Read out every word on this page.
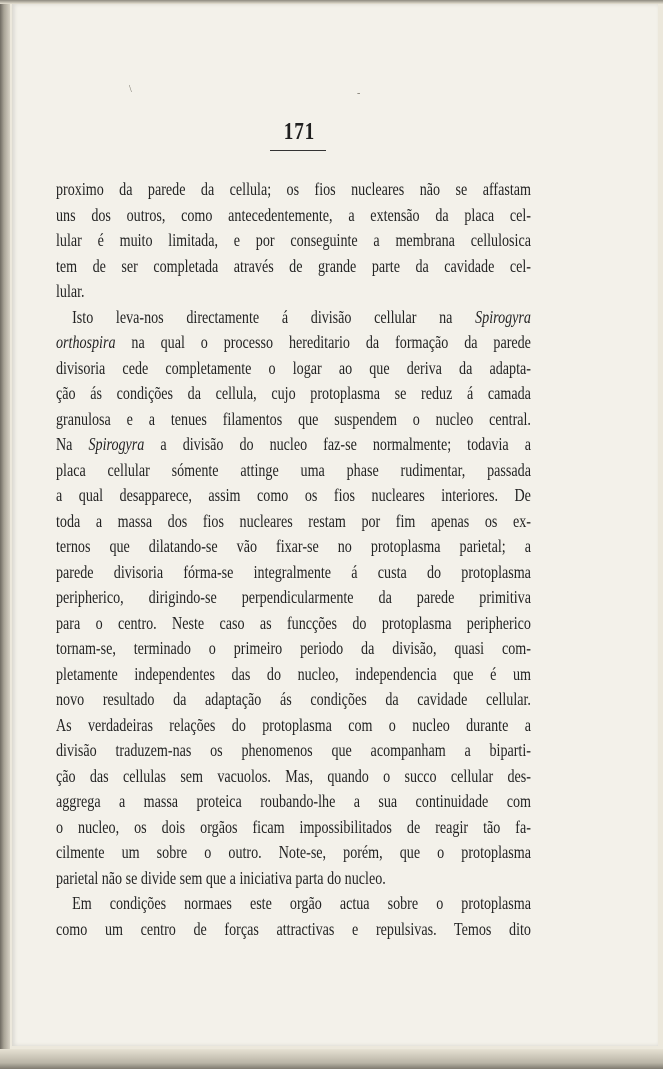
171
\	-
proximo da parede da cellula; os fios nucleares não se affastam
uns dos outros, como antecedentemente, a extensão da placa cel-
lular é muito limitada, e por conseguinte a membrana cellulosica
tem de ser completada através de grande parte da cavidade cel-
lular.
Isto leva-nos directamente á divisão cellular na Spirogyra
orthospira na qual o processo hereditario da formação da parede
divisoria cede completamente o logar ao que deriva da adapta-
ção ás condições da cellula, cujo protoplasma se reduz á camada
granulosa e a tenues filamentos que suspendem o nucleo central.
Na Spirogyra a divisão do nucleo faz-se normalmente; todavia a
placa cellular sómente attinge uma phase rudimentar, passada
a qual desapparece, assim como os fios nucleares interiores. De
toda a massa dos fios nucleares restam por fim apenas os ex-
ternos que dilatando-se vão fixar-se no protoplasma parietal; a
parede divisoria fórma-se integralmente á custa do protoplasma
peripherico, dirigindo-se perpendicularmente da parede primitiva
para o centro. Neste caso as funcções do protoplasma peripherico
tornam-se, terminado o primeiro periodo da divisão, quasi com-
pletamente independentes das do nucleo, independencia que é um
novo resultado da adaptação ás condições da cavidade cellular.
As verdadeiras relações do protoplasma com o nucleo durante a
divisão traduzem-nas os phenomenos que acompanham a biparti-
ção das cellulas sem vacuolos. Mas, quando o succo cellular des-
aggrega a massa proteica roubando-lhe a sua continuidade com
o nucleo, os dois orgãos ficam impossibilitados de reagir tão fa-
cilmente um sobre o outro. Note-se, porém, que o protoplasma
parietal não se divide sem que a iniciativa parta do nucleo.
Em condições normaes este orgão actua sobre o protoplasma
como um centro de forças attractivas e repulsivas. Temos dito
